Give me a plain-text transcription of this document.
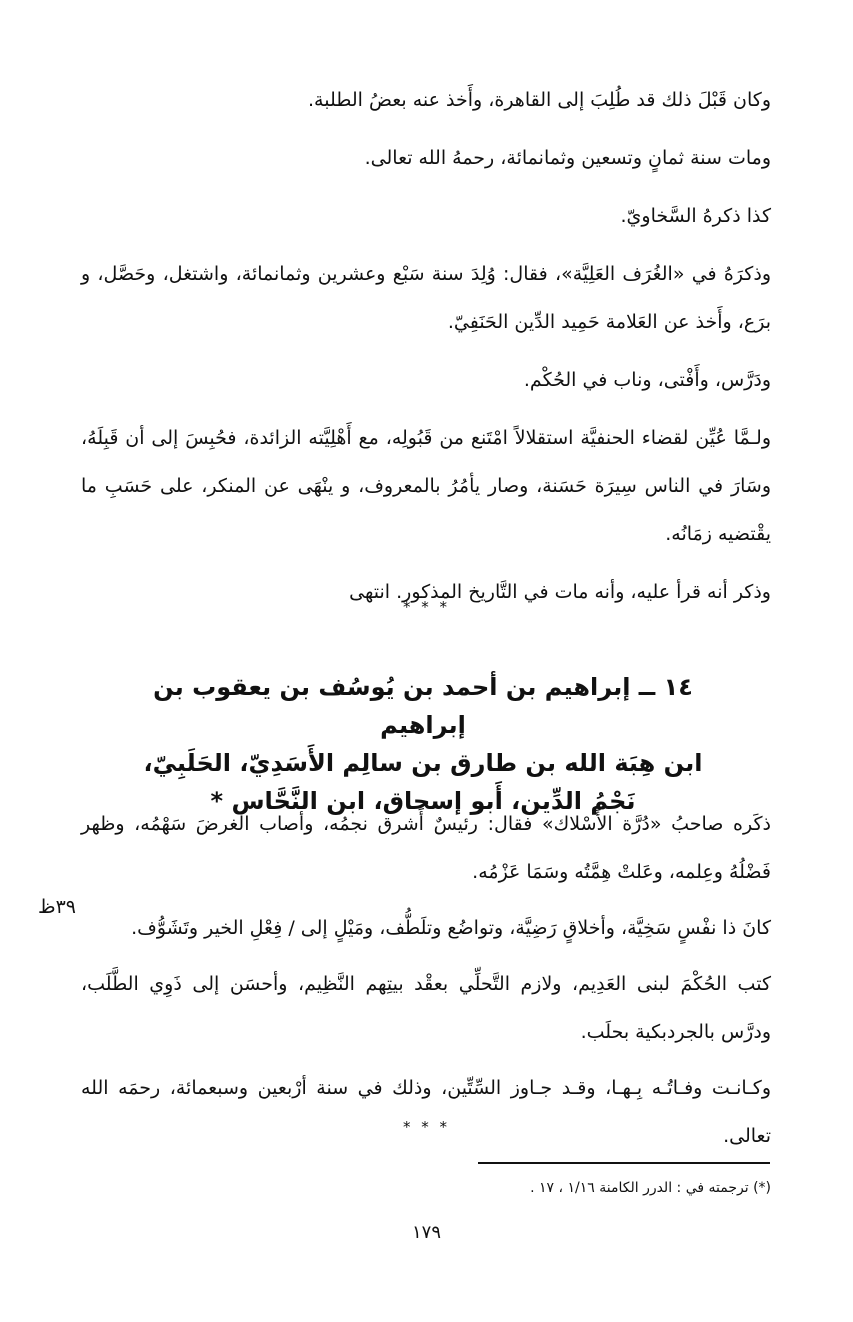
وكان قَبْلَ ذلك قد طُلِبَ إلى القاهرة، وأَخذ عنه بعضُ الطلبة.

ومات سنة ثمانٍ وتسعين وثمانمائة، رحمهُ الله تعالى.

كذا ذكرهُ السَّخاويّ.

وذكرَهُ في «الغُرَف العَلِيَّة»، فقال: وُلِدَ سنة سَبْع وعشرين وثمانمائة، واشتغل، وحَصَّل، و برَع، وأَخذ عن العَلامة حَمِيد الدِّين الحَنَفِيّ.

ودَرَّس، وأَفْتى، وناب في الحُكْم.

ولـمَّا عُيِّن لقضاء الحنفيَّة استقلالاً امْتَنع من قَبُولِه، مع أَهْلِيَّته الزائدة، فحُبِسَ إلى أن قَبِلَهُ، وسَارَ في الناس سِيرَة حَسَنة، وصار يأمُرُ بالمعروف، و ينْهَى عن المنكر، على حَسَبِ ما يقْتضيه زمَانُه.

وذكر أنه قرأ عليه، وأنه مات في التَّاريخ المذكور. انتهى

* * *
١٤ ــ إبراهيم بن أحمد بن يُوسُف بن يعقوب بن إبراهيم
ابن هِبَة الله بن طارق بن سالِم الأَسَدِيّ، الحَلَبِيّ،
نَجْمُ الدِّين، أَبو إسحاق، ابن النَّحَّاس *

ذكَره صاحبُ «دُرَّة الأَسْلاك» فقال: رئيسٌ أَشرق نجمُه، وأصاب الغرضَ سَهْمُه، وظهر فَضْلُهُ وعِلمه، وعَلتْ هِمَّتُه وسَمَا عَزْمُه.

كانَ ذا نفْسٍ سَخِيَّة، وأخلاقٍ رَضِيَّة، وتواضُع وتلَطُّف، ومَيْلٍ إلى / فِعْلِ الخير وتَشَوُّف.

كتب الحُكْمَ لبنى العَدِيم، ولازم التَّحلِّي بعقْد بيتِهم النَّظِيم، وأحسَن إلى ذَوِي الطَّلَب، ودرَّس بالجردبكية بحلَب.

وكـانـت وفـاتُـه بِـهـا، وقـد جـاوز السِّتِّين، وذلك في سنة أرْبعين وسبعمائة، رحمَه الله تعالى.

٣٩ظ
* * *
(*) ترجمته في : الدرر الكامنة ١/١٦ ، ١٧ .
١٧٩
